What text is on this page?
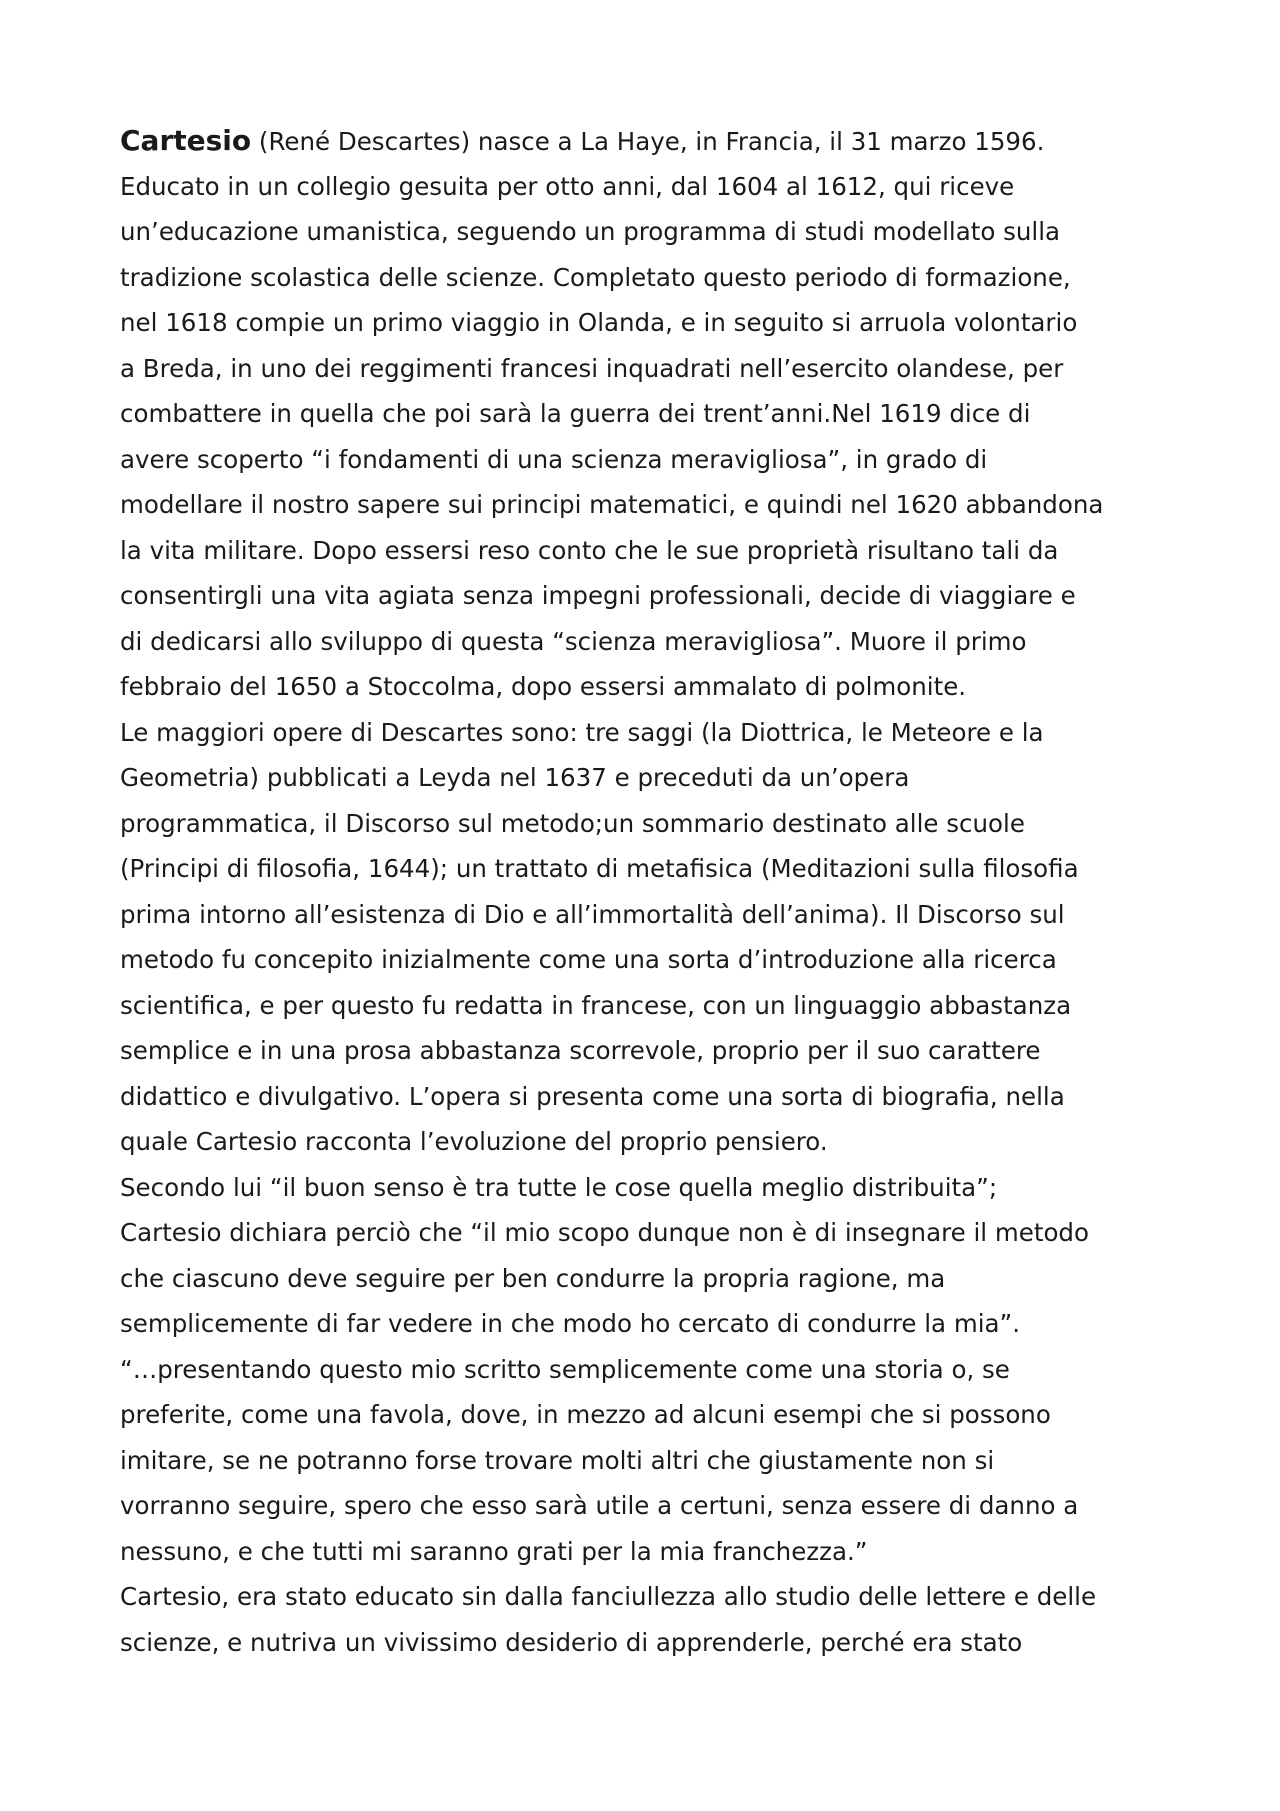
Cartesio (René Descartes) nasce a La Haye, in Francia, il 31 marzo 1596.
Educato in un collegio gesuita per otto anni, dal 1604 al 1612, qui riceve
un’educazione umanistica, seguendo un programma di studi modellato sulla
tradizione scolastica delle scienze. Completato questo periodo di formazione,
nel 1618 compie un primo viaggio in Olanda, e in seguito si arruola volontario
a Breda, in uno dei reggimenti francesi inquadrati nell’esercito olandese, per
combattere in quella che poi sarà la guerra dei trent’anni.Nel 1619 dice di
avere scoperto “i fondamenti di una scienza meravigliosa”, in grado di
modellare il nostro sapere sui principi matematici, e quindi nel 1620 abbandona
la vita militare. Dopo essersi reso conto che le sue proprietà risultano tali da
consentirgli una vita agiata senza impegni professionali, decide di viaggiare e
di dedicarsi allo sviluppo di questa “scienza meravigliosa”. Muore il primo
febbraio del 1650 a Stoccolma, dopo essersi ammalato di polmonite.
Le maggiori opere di Descartes sono: tre saggi (la Diottrica, le Meteore e la
Geometria) pubblicati a Leyda nel 1637 e preceduti da un’opera
programmatica, il Discorso sul metodo;un sommario destinato alle scuole
(Principi di filosofia, 1644); un trattato di metafisica (Meditazioni sulla filosofia
prima intorno all’esistenza di Dio e all’immortalità dell’anima). Il Discorso sul
metodo fu concepito inizialmente come una sorta d’introduzione alla ricerca
scientifica, e per questo fu redatta in francese, con un linguaggio abbastanza
semplice e in una prosa abbastanza scorrevole, proprio per il suo carattere
didattico e divulgativo. L’opera si presenta come una sorta di biografia, nella
quale Cartesio racconta l’evoluzione del proprio pensiero.
Secondo lui “il buon senso è tra tutte le cose quella meglio distribuita”;
Cartesio dichiara perciò che “il mio scopo dunque non è di insegnare il metodo
che ciascuno deve seguire per ben condurre la propria ragione, ma
semplicemente di far vedere in che modo ho cercato di condurre la mia”.
“…presentando questo mio scritto semplicemente come una storia o, se
preferite, come una favola, dove, in mezzo ad alcuni esempi che si possono
imitare, se ne potranno forse trovare molti altri che giustamente non si
vorranno seguire, spero che esso sarà utile a certuni, senza essere di danno a
nessuno, e che tutti mi saranno grati per la mia franchezza.”
Cartesio, era stato educato sin dalla fanciullezza allo studio delle lettere e delle
scienze, e nutriva un vivissimo desiderio di apprenderle, perché era stato
